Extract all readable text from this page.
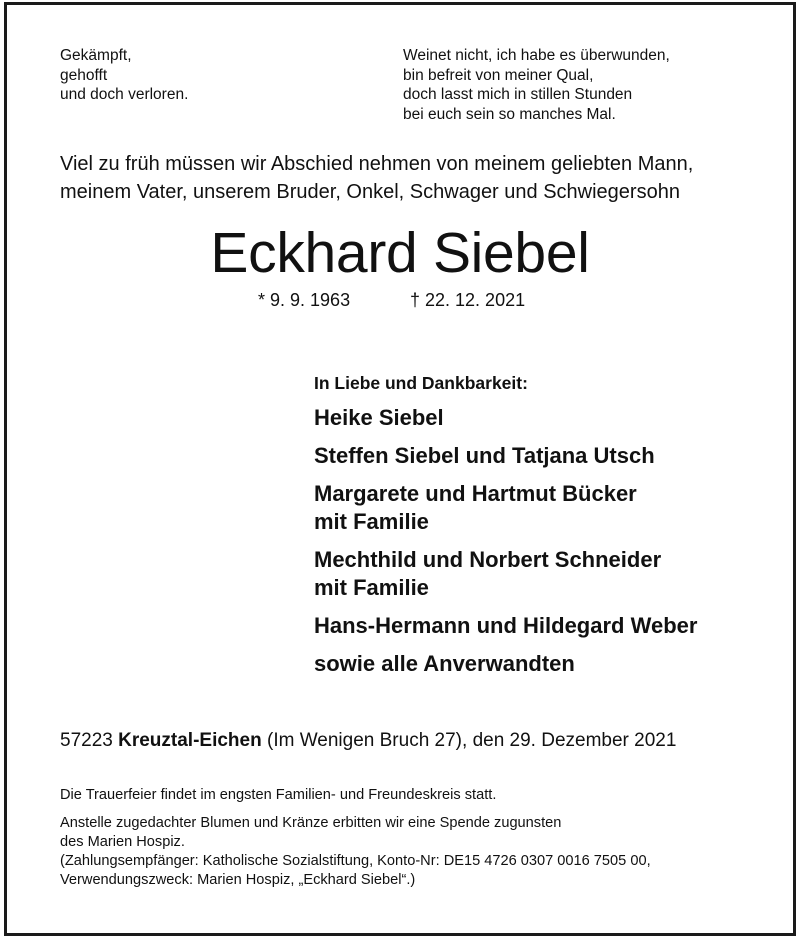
Gekämpft,
gehofft
und doch verloren.
Weinet nicht, ich habe es überwunden,
bin befreit von meiner Qual,
doch lasst mich in stillen Stunden
bei euch sein so manches Mal.
Viel zu früh müssen wir Abschied nehmen von meinem geliebten Mann,
meinem Vater, unserem Bruder, Onkel, Schwager und Schwiegersohn
Eckhard Siebel
* 9. 9. 1963	† 22. 12. 2021
In Liebe und Dankbarkeit:
Heike Siebel
Steffen Siebel und Tatjana Utsch
Margarete und Hartmut Bücker
mit Familie
Mechthild und Norbert Schneider
mit Familie
Hans-Hermann und Hildegard Weber
sowie alle Anverwandten
57223 Kreuztal-Eichen (Im Wenigen Bruch 27), den 29. Dezember 2021
Die Trauerfeier findet im engsten Familien- und Freundeskreis statt.
Anstelle zugedachter Blumen und Kränze erbitten wir eine Spende zugunsten
des Marien Hospiz.
(Zahlungsempfänger: Katholische Sozialstiftung, Konto-Nr: DE15 4726 0307 0016 7505 00,
Verwendungszweck: Marien Hospiz, „Eckhard Siebel“.)
